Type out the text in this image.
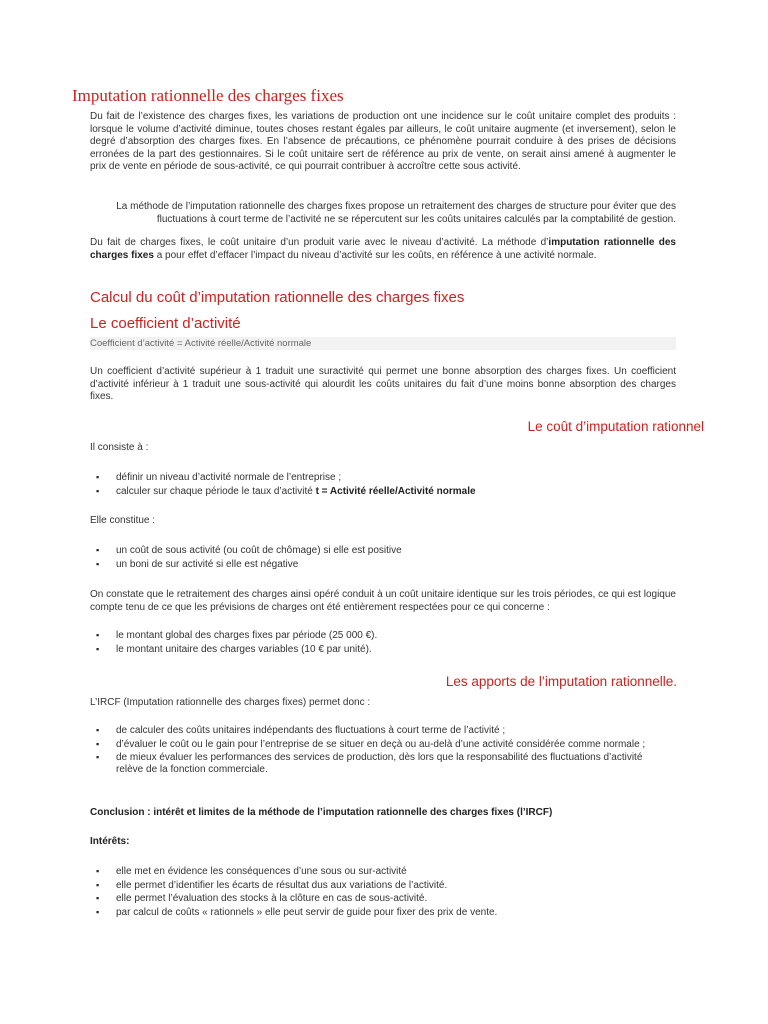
Imputation rationnelle des charges fixes
Du fait de l’existence des charges fixes, les variations de production ont une incidence sur le coût unitaire complet des produits : lorsque le volume d’activité diminue, toutes choses restant égales par ailleurs, le coût unitaire augmente (et inversement), selon le degré d’absorption des charges fixes. En l’absence de précautions, ce phénomène pourrait conduire à des prises de décisions erronées de la part des gestionnaires. Si le coût unitaire sert de référence au prix de vente, on serait ainsi amené à augmenter le prix de vente en période de sous-activité, ce qui pourrait contribuer à accroître cette sous activité.
La méthode de l’imputation rationnelle des charges fixes propose un retraitement des charges de structure pour éviter que des fluctuations à court terme de l’activité ne se répercutent sur les coûts unitaires calculés par la comptabilité de gestion.
Du fait de charges fixes, le coût unitaire d’un produit varie avec le niveau d’activité. La méthode d’imputation rationnelle des charges fixes a pour effet d’effacer l’impact du niveau d’activité sur les coûts, en référence à une activité normale.
Calcul du coût d’imputation rationnelle des charges fixes
Le coefficient d’activité
Coefficient d’activité = Activité réelle/Activité normale
Un coefficient d’activité supérieur à 1 traduit une suractivité qui permet une bonne absorption des charges fixes. Un coefficient d’activité inférieur à 1 traduit une sous-activité qui alourdit les coûts unitaires du fait d’une moins bonne absorption des charges fixes.
Le coût d’imputation rationnel
Il consiste à :
▪ définir un niveau d’activité normale de l’entreprise ;
▪ calculer sur chaque période le taux d’activité t = Activité réelle/Activité normale
Elle constitue :
▪ un coût de sous activité (ou coût de chômage) si elle est positive
▪ un boni de sur activité si elle est négative
On constate que le retraitement des charges ainsi opéré conduit à un coût unitaire identique sur les trois périodes, ce qui est logique compte tenu de ce que les prévisions de charges ont été entièrement respectées pour ce qui concerne :
▪ le montant global des charges fixes par période (25 000 €).
▪ le montant unitaire des charges variables (10 € par unité).
Les apports de l’imputation rationnelle.
L’IRCF (Imputation rationnelle des charges fixes) permet donc :
▪ de calculer des coûts unitaires indépendants des fluctuations à court terme de l’activité ;
▪ d’évaluer le coût ou le gain pour l’entreprise de se situer en deçà ou au-delà d’une activité considérée comme normale ;
▪ de mieux évaluer les performances des services de production, dès lors que la responsabilité des fluctuations d’activité relève de la fonction commerciale.
Conclusion : intérêt et limites de la méthode de l’imputation rationnelle des charges fixes (l’IRCF)
Intérêts:
▪ elle met en évidence les conséquences d’une sous ou sur-activité
▪ elle permet d’identifier les écarts de résultat dus aux variations de l’activité.
▪ elle permet l’évaluation des stocks à la clôture en cas de sous-activité.
▪ par calcul de coûts « rationnels » elle peut servir de guide pour fixer des prix de vente.
